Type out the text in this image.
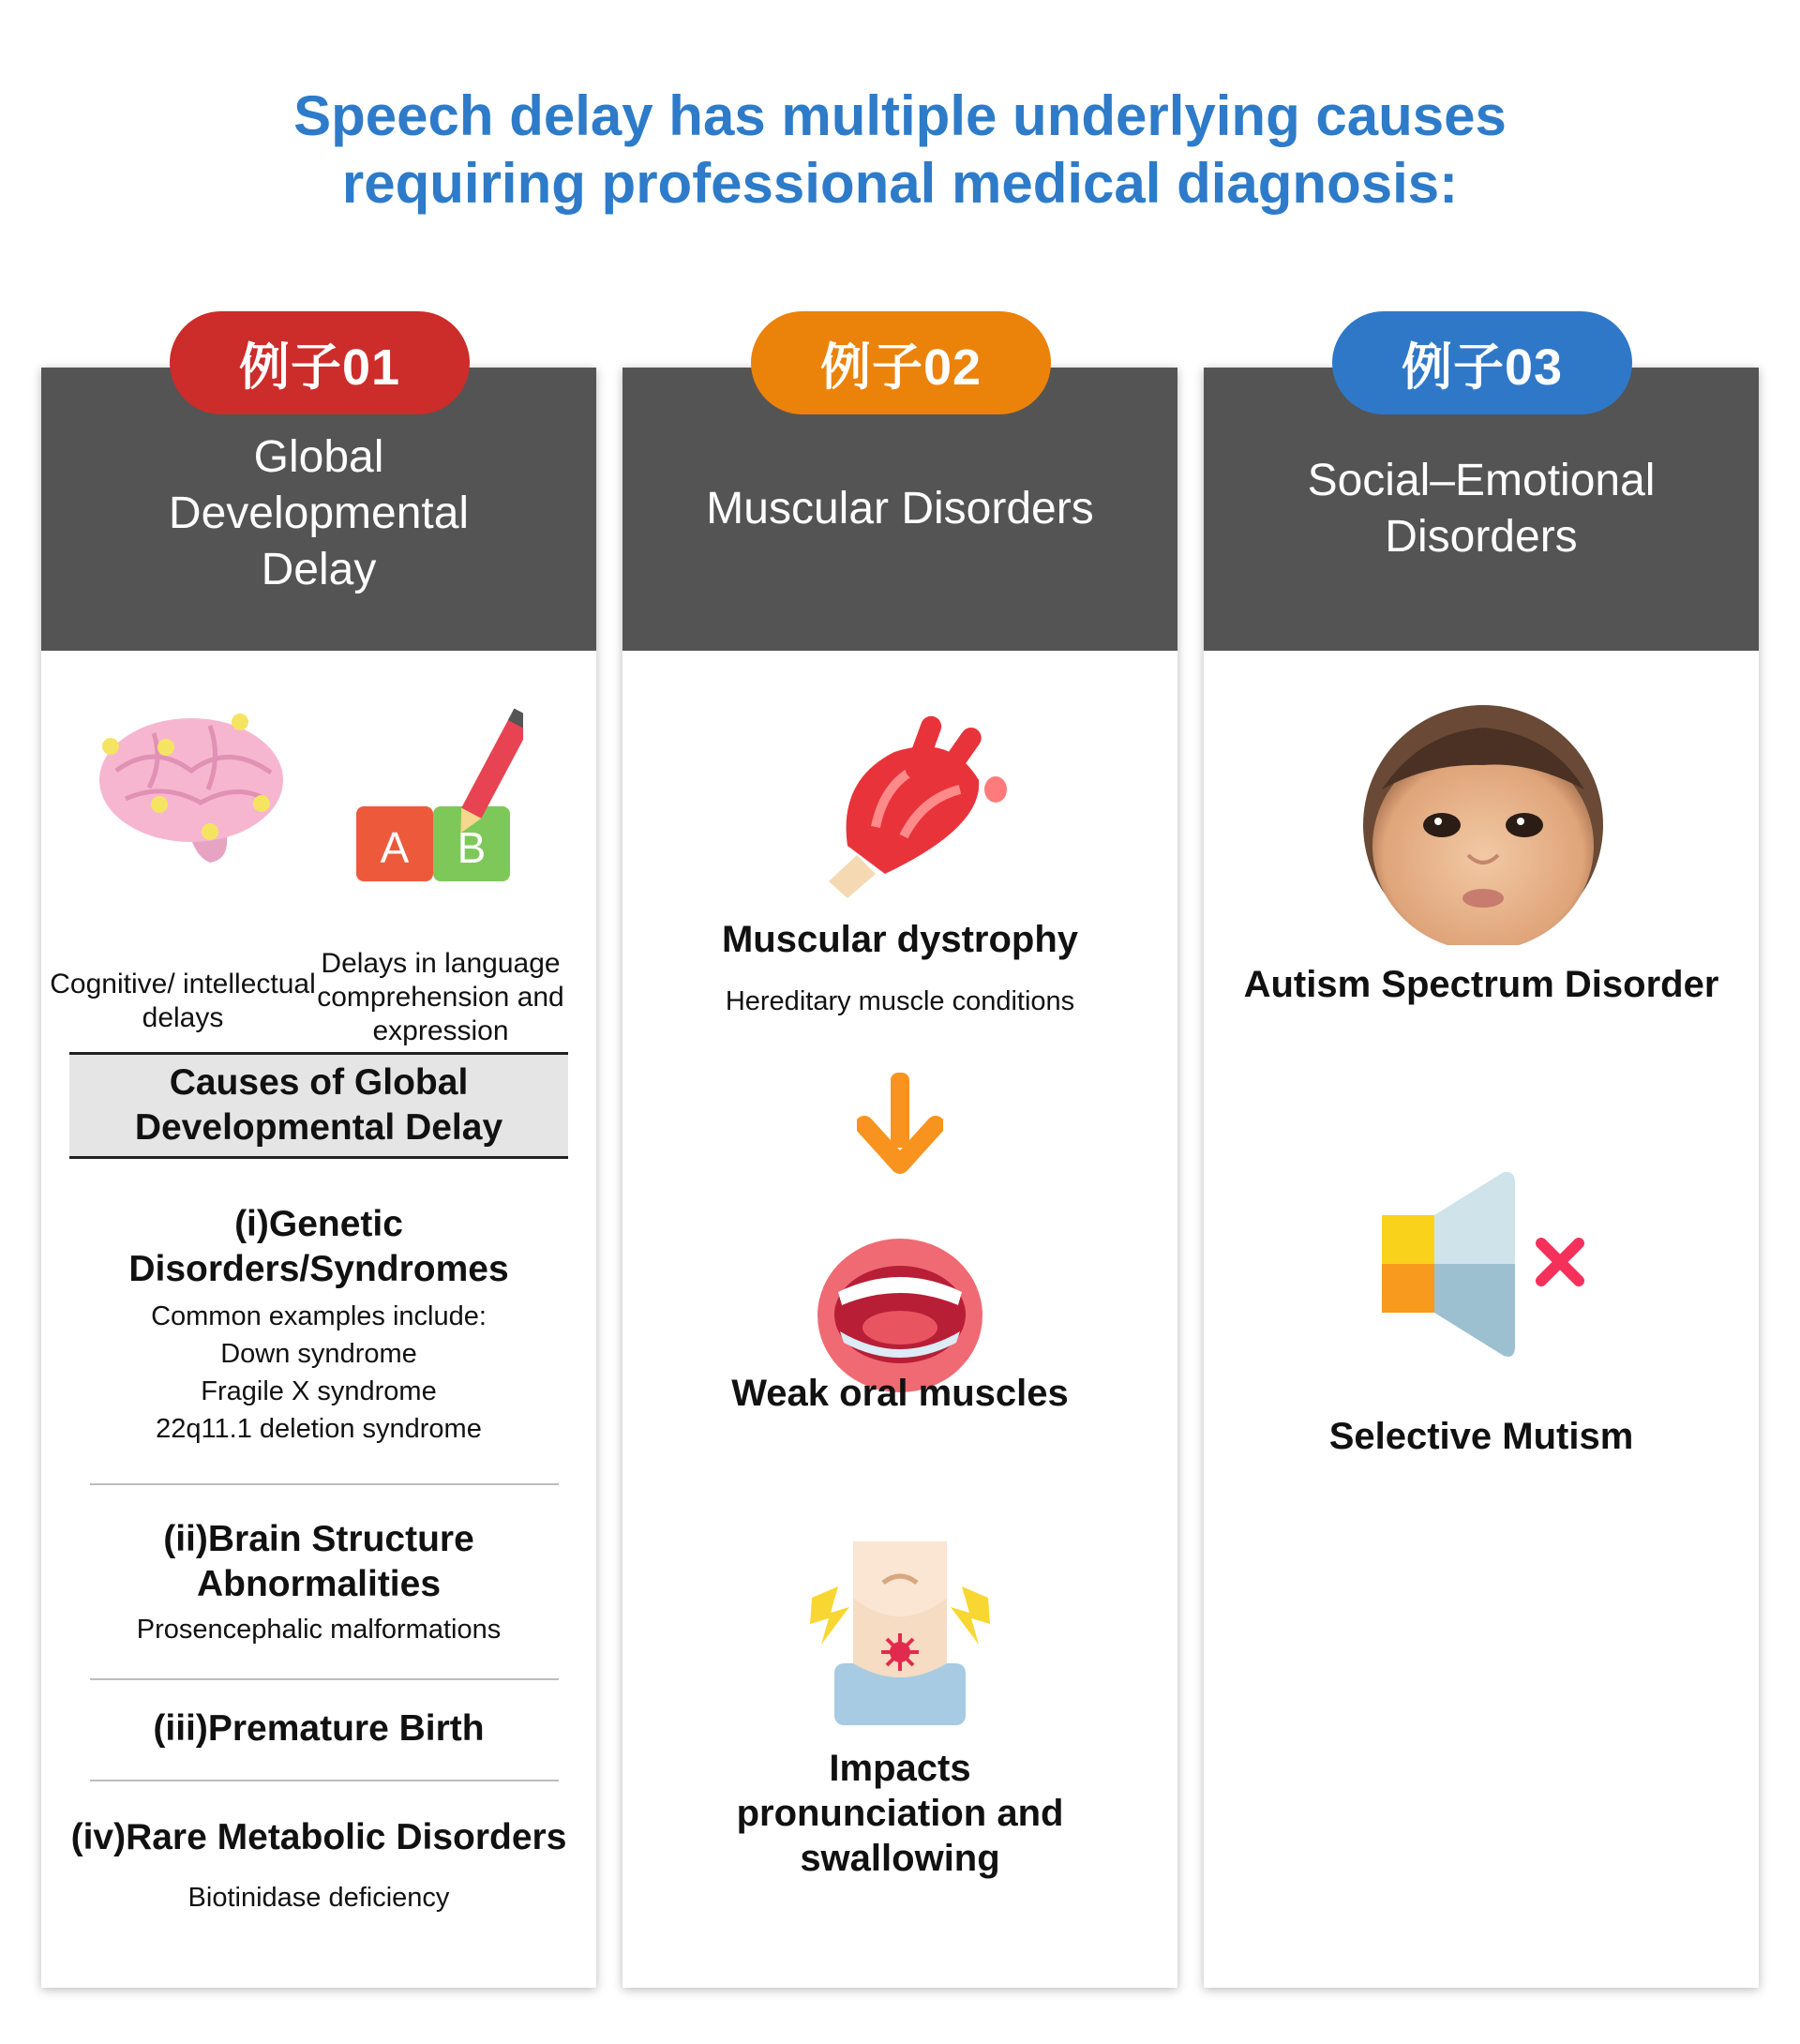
Speech delay has multiple underlying causes
requiring professional medical diagnosis:
例子01	例子02	例子03
Global Developmental Delay
A B
Cognitive/ intellectual delays
Delays in language comprehension and expression
Causes of Global Developmental Delay
(i)Genetic Disorders/Syndromes
Common examples include:
Down syndrome
Fragile X syndrome
22q11.1 deletion syndrome
(ii)Brain Structure Abnormalities
Prosencephalic malformations
(iii)Premature Birth
(iv)Rare Metabolic Disorders
Biotinidase deficiency
Muscular Disorders
Muscular dystrophy
Hereditary muscle conditions
Weak oral muscles
Impacts pronunciation and swallowing
Social–Emotional Disorders
Autism Spectrum Disorder
Selective Mutism
